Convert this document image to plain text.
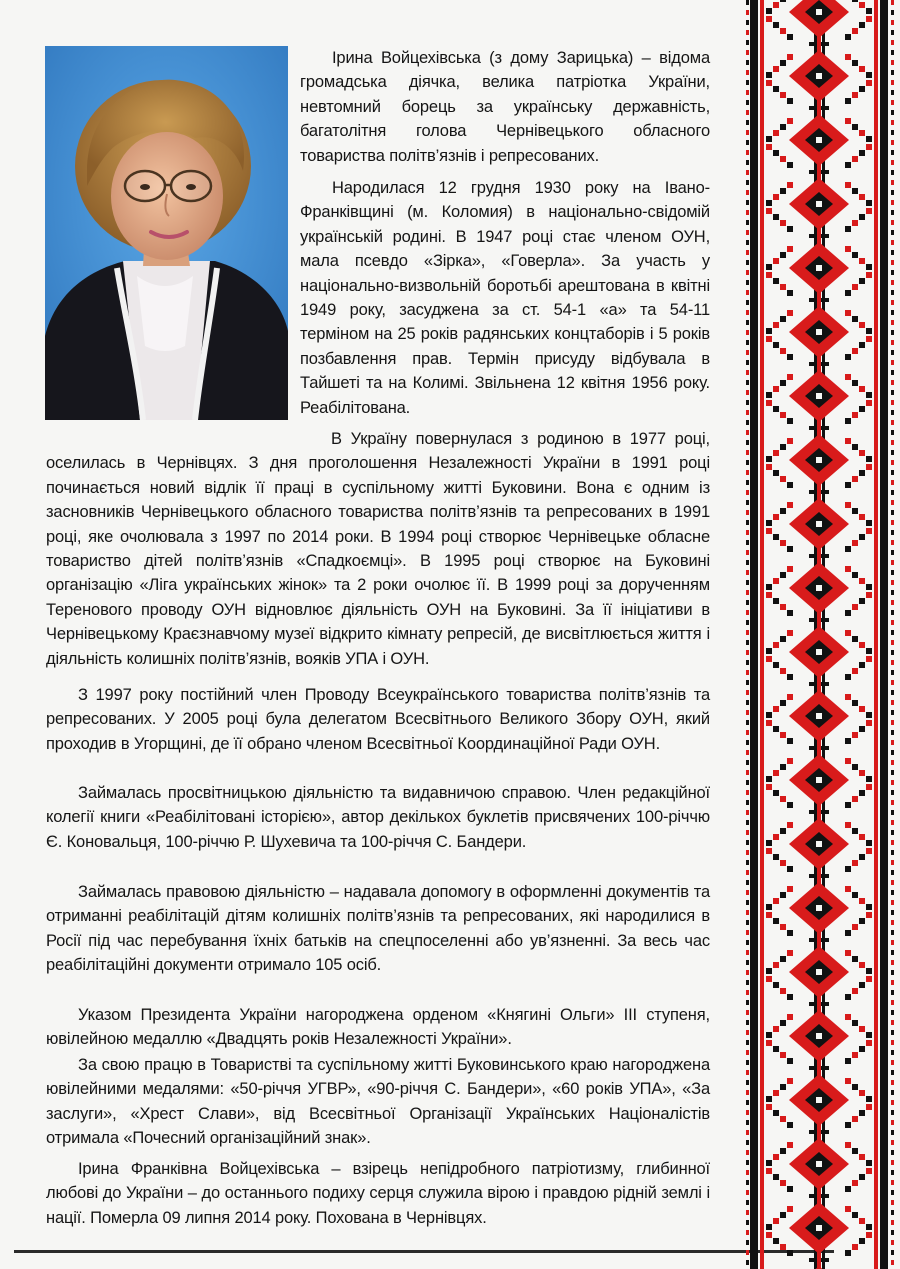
Ірина Войцехівська (з дому Зарицька) – відома громадська діячка, велика патріотка України, невтомний борець за українську державність, багатолітня голова Чернівецького обласного товариства політв’язнів і репресованих.

Народилася 12 грудня 1930 року на Івано-Франківщині (м. Коломия) в національно-свідомій українській родині. В 1947 році стає членом ОУН, мала псевдо «Зірка», «Говерла». За участь у національно-визвольній боротьбі арештована в квітні 1949 року, засуджена за ст. 54-1 «а» та 54-11 терміном на 25 років радянських концтаборів і 5 років позбавлення прав. Термін присуду відбувала в Тайшеті та на Колимі. Звільнена 12 квітня 1956 року. Реабілітована.

В Україну повернулася з родиною в 1977 році, оселилась в Чернівцях. З дня проголошення Незалежності України в 1991 році починається новий відлік її праці в суспільному житті Буковини. Вона є одним із засновників Чернівецького обласного товариства політв’язнів та репресованих в 1991 році, яке очолювала з 1997 по 2014 роки. В 1994 році створює Чернівецьке обласне товариство дітей політв’язнів «Спадкоємці». В 1995 році створює на Буковині організацію «Ліга українських жінок» та 2 роки очолює її. В 1999 році за дорученням Теренового проводу ОУН відновлює діяльність ОУН на Буковині. За її ініціативи в Чернівецькому Краєзнавчому музеї відкрито кімнату репресій, де висвітлюється життя і діяльність колишніх політв’язнів, вояків УПА і ОУН.

З 1997 року постійний член Проводу Всеукраїнського товариства політв’язнів та репресованих. У 2005 році була делегатом Всесвітнього Великого Збору ОУН, який проходив в Угорщині, де її обрано членом Всесвітньої Координаційної Ради ОУН.

Займалась просвітницькою діяльністю та видавничою справою. Член редакційної колегії книги «Реабілітовані історією», автор декількох буклетів присвячених 100-річчю Є. Коновальця, 100-річчю Р. Шухевича та 100-річчя С. Бандери.

Займалась правовою діяльністю – надавала допомогу в оформленні документів та отриманні реабілітацій дітям колишніх політв’язнів та репресованих, які народилися в Росії під час перебування їхніх батьків на спецпоселенні або ув’язненні. За весь час реабілітаційні документи отримало 105 осіб.

Указом Президента України нагороджена орденом «Княгині Ольги» ІІІ ступеня, ювілейною медаллю «Двадцять років Незалежності України».

За свою працю в Товаристві та суспільному житті Буковинського краю нагороджена ювілейними медалями: «50-річчя УГВР», «90-річчя С. Бандери», «60 років УПА», «За заслуги», «Хрест Слави», від Всесвітньої Організації Українських Націоналістів отримала «Почесний організаційний знак».

Ірина Франківна Войцехівська – взірець непідробного патріотизму, глибинної любові до України – до останнього подиху серця служила вірою і правдою рідній землі і нації. Померла 09 липня 2014 року. Похована в Чернівцях.
